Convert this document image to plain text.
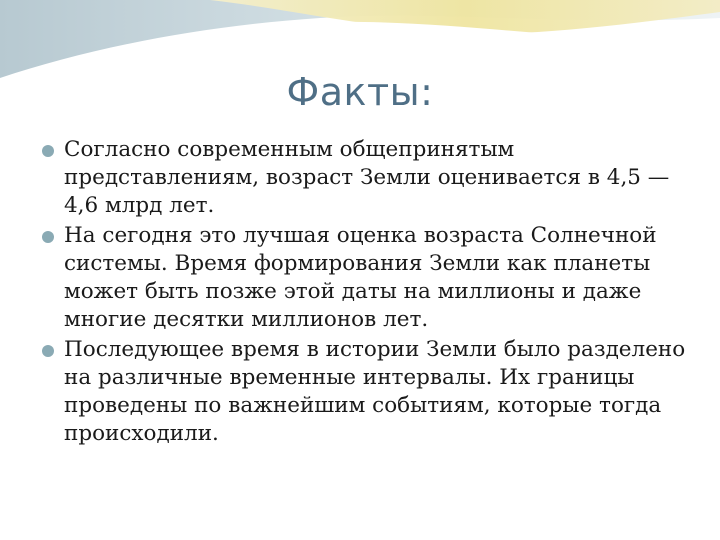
Факты:
Согласно современным общепринятым представлениям, возраст Земли оценивается в 4,5 —4,6 млрд лет.
На сегодня это лучшая оценка возраста Солнечной системы. Время формирования Земли как планеты может быть позже этой даты на миллионы и даже многие десятки миллионов лет.
Последующее время в истории Земли было разделено на различные временные интервалы. Их границы проведены по важнейшим событиям, которые тогда происходили.
